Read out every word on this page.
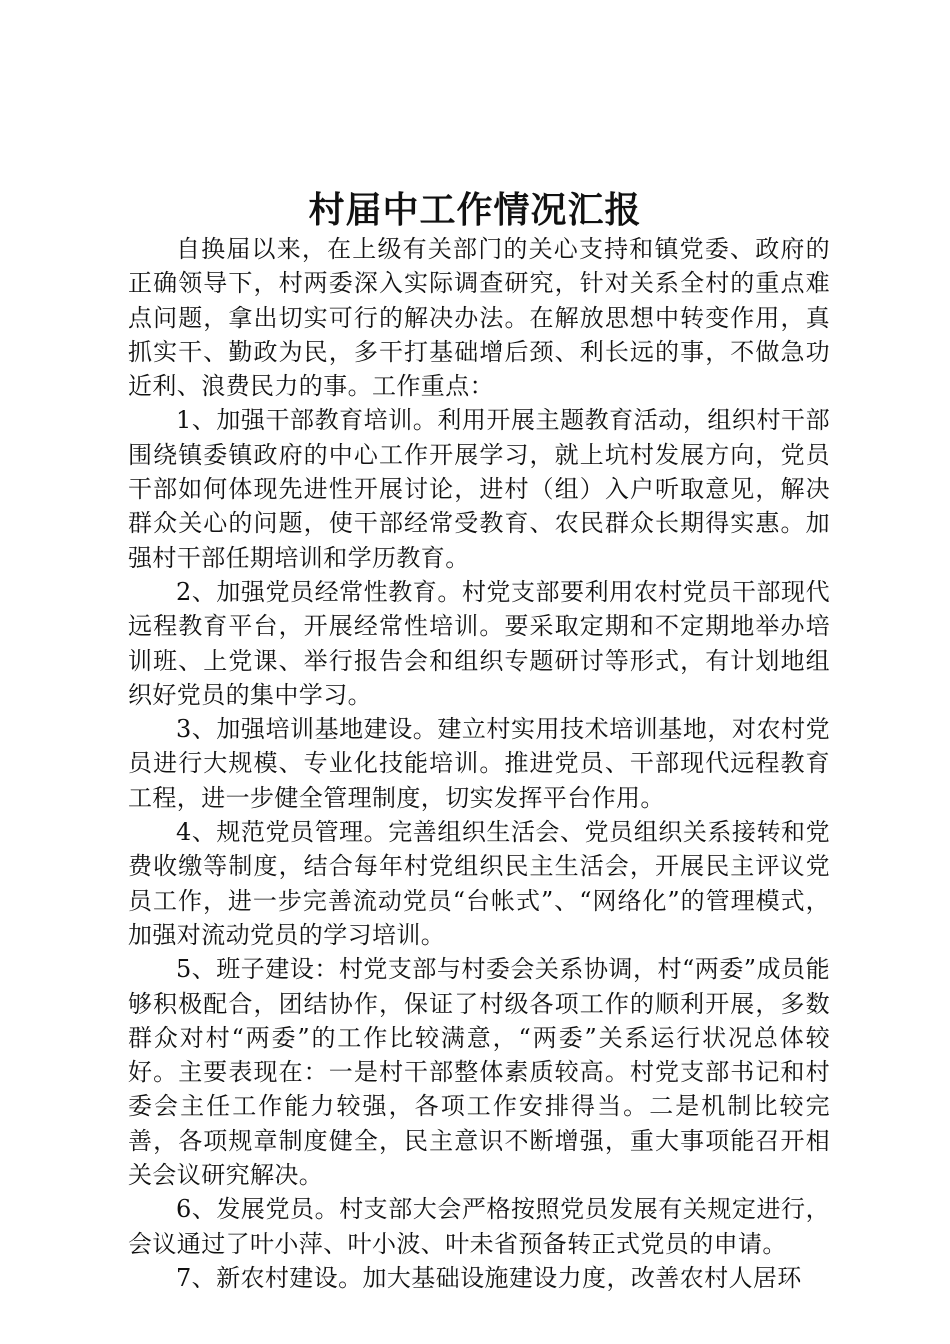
村届中工作情况汇报

自换届以来，在上级有关部门的关心支持和镇党委、政府的正确领导下，村两委深入实际调查研究，针对关系全村的重点难点问题，拿出切实可行的解决办法。在解放思想中转变作用，真抓实干、勤政为民，多干打基础增后颈、利长远的事，不做急功近利、浪费民力的事。工作重点：

1、加强干部教育培训。利用开展主题教育活动，组织村干部围绕镇委镇政府的中心工作开展学习，就上坑村发展方向，党员干部如何体现先进性开展讨论，进村（组）入户听取意见，解决群众关心的问题，使干部经常受教育、农民群众长期得实惠。加强村干部任期培训和学历教育。

2、加强党员经常性教育。村党支部要利用农村党员干部现代远程教育平台，开展经常性培训。要采取定期和不定期地举办培训班、上党课、举行报告会和组织专题研讨等形式，有计划地组织好党员的集中学习。

3、加强培训基地建设。建立村实用技术培训基地，对农村党员进行大规模、专业化技能培训。推进党员、干部现代远程教育工程，进一步健全管理制度，切实发挥平台作用。

4、规范党员管理。完善组织生活会、党员组织关系接转和党费收缴等制度，结合每年村党组织民主生活会，开展民主评议党员工作，进一步完善流动党员“台帐式”、“网络化”的管理模式，加强对流动党员的学习培训。

5、班子建设：村党支部与村委会关系协调，村“两委”成员能够积极配合，团结协作，保证了村级各项工作的顺利开展，多数群众对村“两委”的工作比较满意，“两委”关系运行状况总体较好。主要表现在：一是村干部整体素质较高。村党支部书记和村委会主任工作能力较强，各项工作安排得当。二是机制比较完善，各项规章制度健全，民主意识不断增强，重大事项能召开相关会议研究解决。

6、发展党员。村支部大会严格按照党员发展有关规定进行，会议通过了叶小萍、叶小波、叶未省预备转正式党员的申请。

7、新农村建设。加大基础设施建设力度，改善农村人居环
